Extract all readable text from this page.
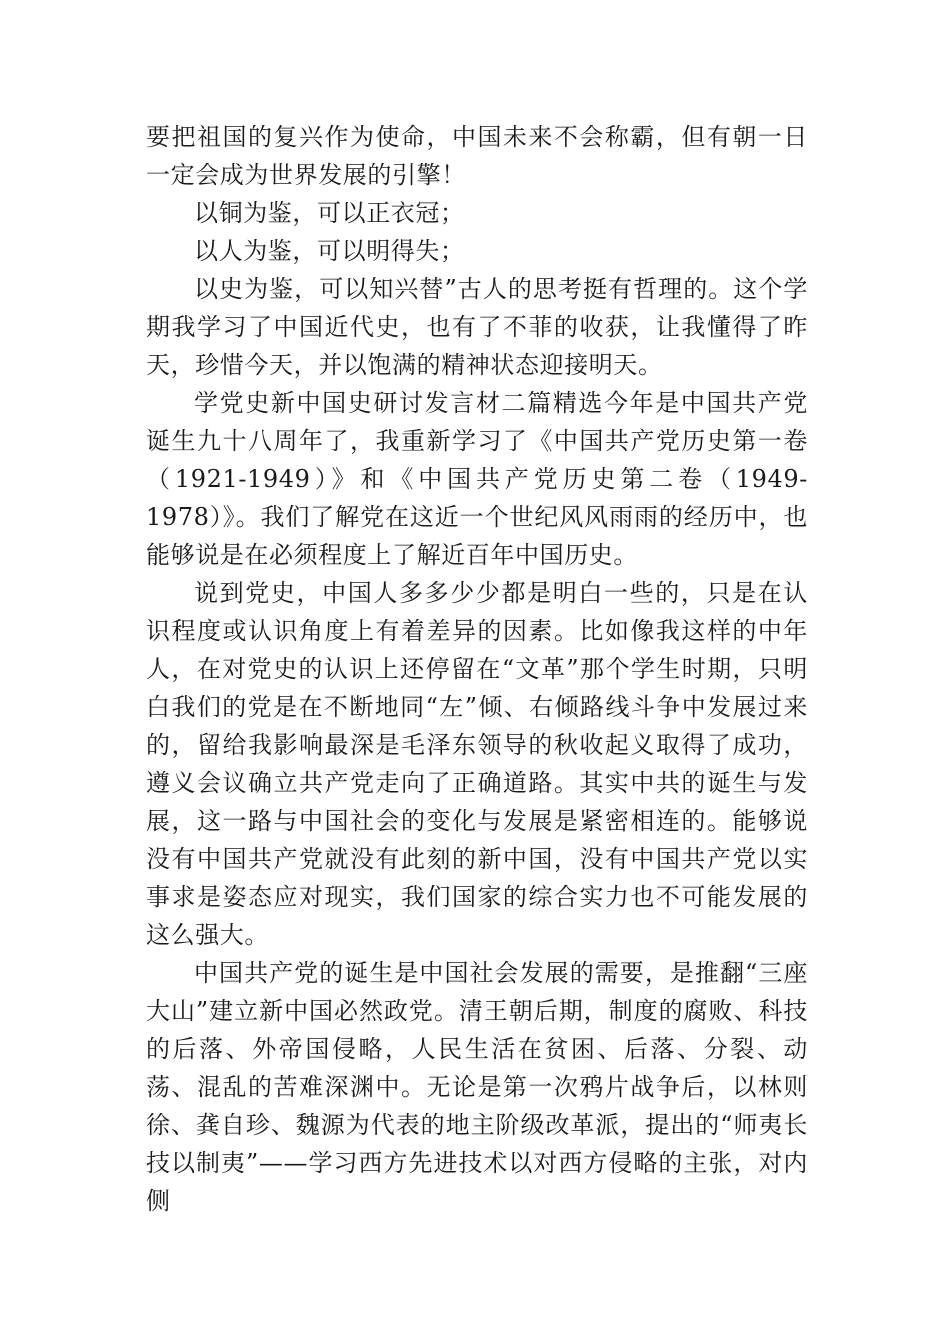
要把祖国的复兴作为使命，中国未来不会称霸，但有朝一日一定会成为世界发展的引擎！

以铜为鉴，可以正衣冠；

以人为鉴，可以明得失；

以史为鉴，可以知兴替”古人的思考挺有哲理的。这个学期我学习了中国近代史，也有了不菲的收获，让我懂得了昨天，珍惜今天，并以饱满的精神状态迎接明天。

学党史新中国史研讨发言材二篇精选今年是中国共产党诞生九十八周年了，我重新学习了《中国共产党历史第一卷（1921-1949）》和《中国共产党历史第二卷（1949-1978）》。我们了解党在这近一个世纪风风雨雨的经历中，也能够说是在必须程度上了解近百年中国历史。

说到党史，中国人多多少少都是明白一些的，只是在认识程度或认识角度上有着差异的因素。比如像我这样的中年人，在对党史的认识上还停留在“文革”那个学生时期，只明白我们的党是在不断地同“左”倾、右倾路线斗争中发展过来的，留给我影响最深是毛泽东领导的秋收起义取得了成功，遵义会议确立共产党走向了正确道路。其实中共的诞生与发展，这一路与中国社会的变化与发展是紧密相连的。能够说没有中国共产党就没有此刻的新中国，没有中国共产党以实事求是姿态应对现实，我们国家的综合实力也不可能发展的这么强大。

中国共产党的诞生是中国社会发展的需要，是推翻“三座大山”建立新中国必然政党。清王朝后期，制度的腐败、科技的后落、外帝国侵略，人民生活在贫困、后落、分裂、动荡、混乱的苦难深渊中。无论是第一次鸦片战争后，以林则徐、龚自珍、魏源为代表的地主阶级改革派，提出的“师夷长技以制夷”——学习西方先进技术以对西方侵略的主张，对内侧
